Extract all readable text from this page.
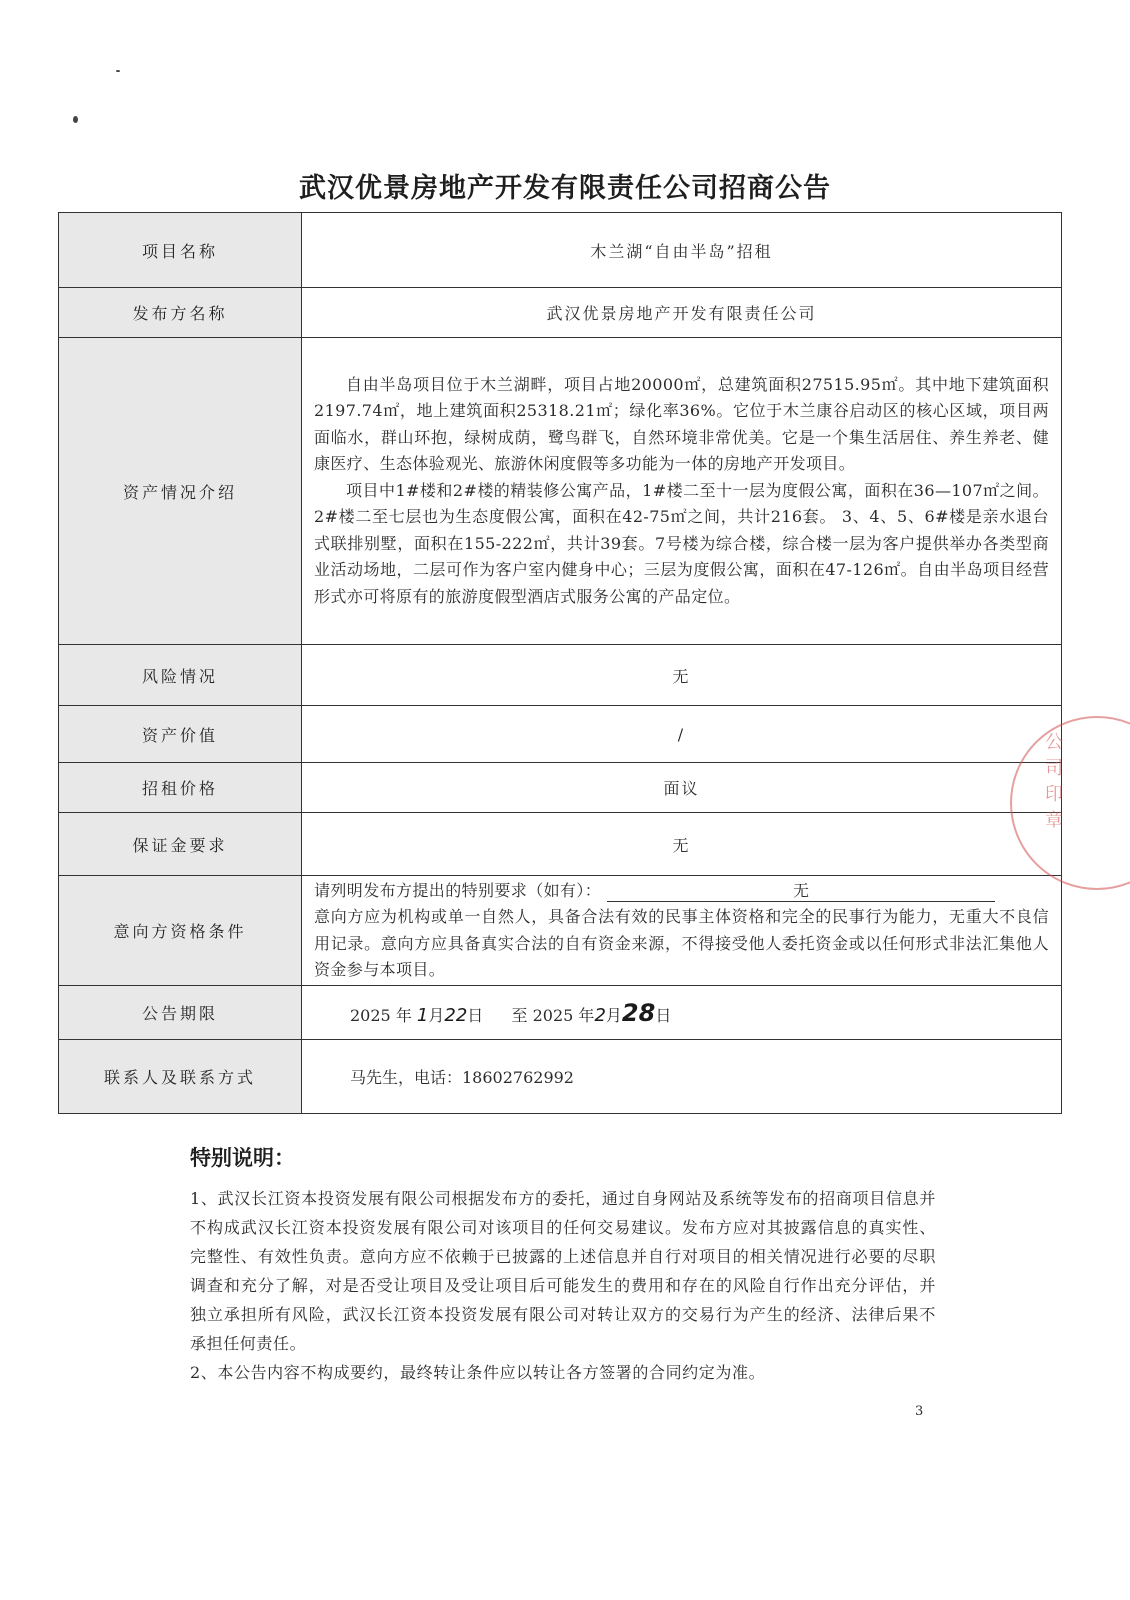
武汉优景房地产开发有限责任公司招商公告
项目名称	木兰湖“自由半岛”招租
发布方名称	武汉优景房地产开发有限责任公司
资产情况介绍	自由半岛项目位于木兰湖畔，项目占地20000㎡，总建筑面积27515.95㎡。其中地下建筑面积2197.74㎡，地上建筑面积25318.21㎡；绿化率36%。它位于木兰康谷启动区的核心区域，项目两面临水，群山环抱，绿树成荫，鹭鸟群飞，自然环境非常优美。它是一个集生活居住、养生养老、健康医疗、生态体验观光、旅游休闲度假等多功能为一体的房地产开发项目。
项目中1#楼和2#楼的精装修公寓产品，1#楼二至十一层为度假公寓，面积在36—107㎡之间。2#楼二至七层也为生态度假公寓，面积在42-75㎡之间，共计216套。 3、4、5、6#楼是亲水退台式联排别墅，面积在155-222㎡，共计39套。7号楼为综合楼，综合楼一层为客户提供举办各类型商业活动场地，二层可作为客户室内健身中心；三层为度假公寓，面积在47-126㎡。自由半岛项目经营形式亦可将原有的旅游度假型酒店式服务公寓的产品定位。

风险情况	无
资产价值	/
招租价格	面议
保证金要求	无
意向方资格条件	请列明发布方提出的特别要求（如有）： 无
意向方应为机构或单一自然人，具备合法有效的民事主体资格和完全的民事行为能力，无重大不良信用记录。意向方应具备真实合法的自有资金来源，不得接受他人委托资金或以任何形式非法汇集他人资金参与本项目。

公告期限	2025 年 1月22日 至 2025 年2月28日
联系人及联系方式	马先生，电话：18602762992
公司印章
特别说明：

1、武汉长江资本投资发展有限公司根据发布方的委托，通过自身网站及系统等发布的招商项目信息并不构成武汉长江资本投资发展有限公司对该项目的任何交易建议。发布方应对其披露信息的真实性、完整性、有效性负责。意向方应不依赖于已披露的上述信息并自行对项目的相关情况进行必要的尽职调查和充分了解，对是否受让项目及受让项目后可能发生的费用和存在的风险自行作出充分评估，并独立承担所有风险，武汉长江资本投资发展有限公司对转让双方的交易行为产生的经济、法律后果不承担任何责任。

2、本公告内容不构成要约，最终转让条件应以转让各方签署的合同约定为准。

3
